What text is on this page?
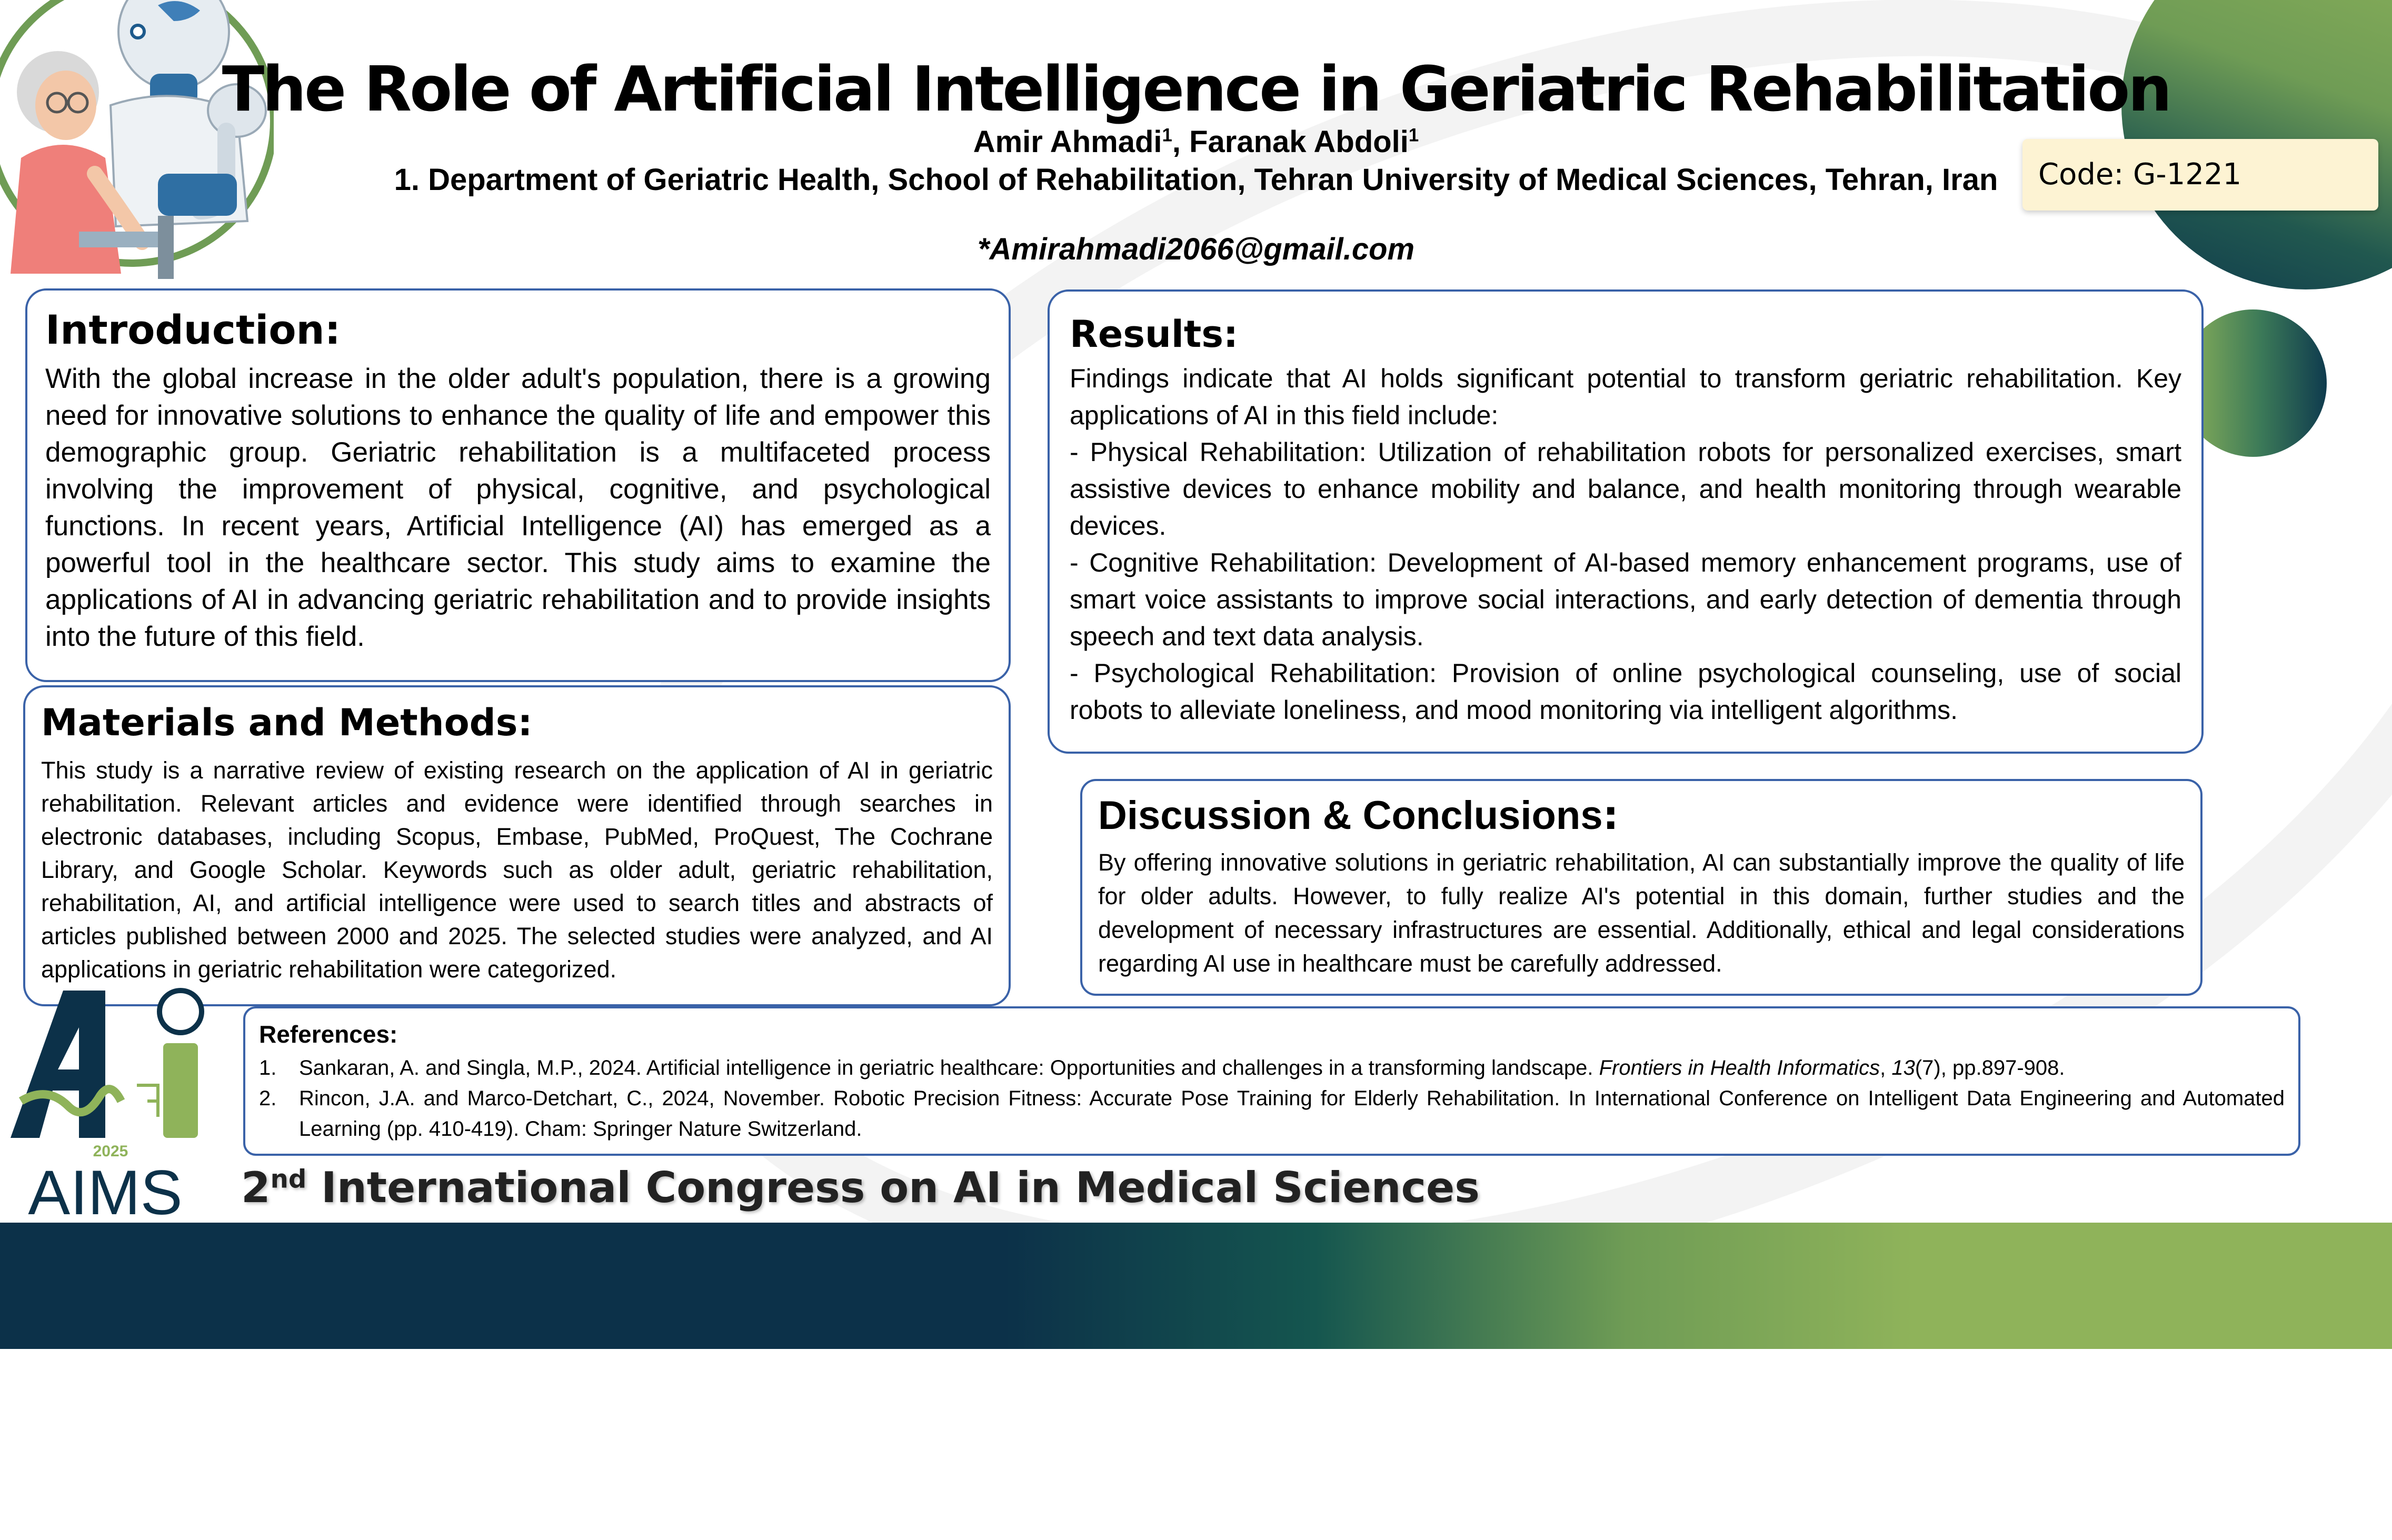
The Role of Artificial Intelligence in Geriatric Rehabilitation
Amir Ahmadi$^1$, Faranak Abdoli$^1$
1. Department of Geriatric Health, School of Rehabilitation, Tehran University of Medical Sciences, Tehran, Iran
*Amirahmadi2066@gmail.com
Code: G-1221
Introduction:

With the global increase in the older adult's population, there is a growing need for innovative solutions to enhance the quality of life and empower this demographic group. Geriatric rehabilitation is a multifaceted process involving the improvement of physical, cognitive, and psychological functions. In recent years, Artificial Intelligence (AI) has emerged as a powerful tool in the healthcare sector. This study aims to examine the applications of AI in advancing geriatric rehabilitation and to provide insights into the future of this field.

Materials and Methods:

This study is a narrative review of existing research on the application of AI in geriatric rehabilitation. Relevant articles and evidence were identified through searches in electronic databases, including Scopus, Embase, PubMed, ProQuest, The Cochrane Library, and Google Scholar. Keywords such as older adult, geriatric rehabilitation, rehabilitation, AI, and artificial intelligence were used to search titles and abstracts of articles published between 2000 and 2025. The selected studies were analyzed, and AI applications in geriatric rehabilitation were categorized.

Results:

Findings indicate that AI holds significant potential to transform geriatric rehabilitation. Key applications of AI in this field include:

- Physical Rehabilitation: Utilization of rehabilitation robots for personalized exercises, smart assistive devices to enhance mobility and balance, and health monitoring through wearable devices.

- Cognitive Rehabilitation: Development of AI-based memory enhancement programs, use of smart voice assistants to improve social interactions, and early detection of dementia through speech and text data analysis.

- Psychological Rehabilitation: Provision of online psychological counseling, use of social robots to alleviate loneliness, and mood monitoring via intelligent algorithms.

Discussion & Conclusions:

By offering innovative solutions in geriatric rehabilitation, AI can substantially improve the quality of life for older adults. However, to fully realize AI's potential in this domain, further studies and the development of necessary infrastructures are essential. Additionally, ethical and legal considerations regarding AI use in healthcare must be carefully addressed.

References:
1.	Sankaran, A. and Singla, M.P., 2024. Artificial intelligence in geriatric healthcare: Opportunities and challenges in a transforming landscape. Frontiers in Health Informatics, 13(7), pp.897-908.
2.	Rincon, J.A. and Marco-Detchart, C., 2024, November. Robotic Precision Fitness: Accurate Pose Training for Elderly Rehabilitation. In International Conference on Intelligent Data Engineering and Automated Learning (pp. 410-419). Cham: Springer Nature Switzerland.
2nd International Congress on AI in Medical Sciences
2025
AIMS
